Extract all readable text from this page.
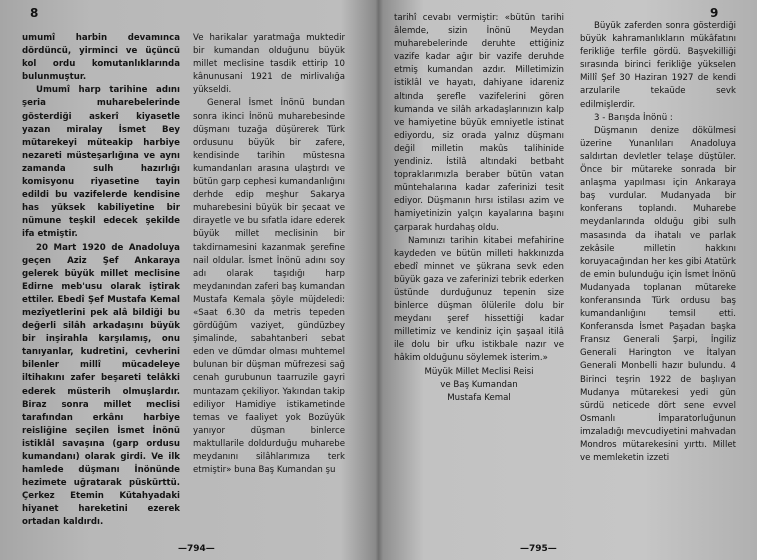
8

umumî harbin devamınca dördüncü, yirminci ve üçüncü kol ordu komutanlıklarında bulunmuştur.

Umumî harp tarihine adını şeria muharebelerinde gösterdiği askerî kiyasetle yazan miralay İsmet Bey mütarekeyi müteakip harbiye nezareti müsteşarlığına ve aynı zamanda sulh hazırlığı komisyonu riyasetine tayin edildi bu vazifelerde kendisine has yüksek kabiliyetine bir nümune teşkil edecek şekilde ifa etmiştir.

20 Mart 1920 de Anadoluya geçen Aziz Şef Ankaraya gelerek büyük millet meclisine Edirne meb'usu olarak iştirak ettiler. Ebedî Şef Mustafa Kemal mezîyetlerini pek alâ bildiği bu değerli silâh arkadaşını büyük bir inşirahla karşılamış, onu tanıyanlar, kudretini, cevherini bilenler millî mücadeleye iltihakını zafer beşareti telâkki ederek müsterih olmuşlardır. Biraz sonra millet meclisi tarafından erkânı harbiye reisliğine seçilen İsmet İnönü istiklâl savaşına (garp ordusu kumandanı) olarak girdi. Ve ilk hamlede düşmanı İnönünde hezimete uğratarak püskürttü. Çerkez Etemin Kütahyadaki hiyanet hareketini ezerek ortadan kaldırdı.

Ve harikalar yaratmağa muktedir bir kumandan olduğunu büyük millet meclisine tasdik ettirip 10 kânunusani 1921 de mirlivalığa yükseldi.

General İsmet İnönü bundan sonra ikinci İnönü muharebesinde düşmanı tuzağa düşürerek Türk ordusunu büyük bir zafere, kendisinde tarihin müstesna kumandanları arasına ulaştırdı ve bütün garp cephesi kumandanlığını derhde edip meşhur Sakarya muharebesini büyük bir şecaat ve dirayetle ve bu sıfatla idare ederek büyük millet meclisinin bir takdirnamesini kazanmak şerefine nail oldular. İsmet İnönü adını soy adı olarak taşıdığı harp meydanından zaferi baş kumandan Mustafa Kemala şöyle müjdeledi: «Saat 6.30 da metris tepeden gördüğüm vaziyet, gündüzbey şimalinde, sabahtanberi sebat eden ve dümdar olması muhtemel bulunan bir düşman müfrezesi sağ cenah gurubunun taarruzile gayri muntazam çekiliyor. Yakından takip ediliyor Hamidiye istikametinde temas ve faaliyet yok Bozüyük yanıyor düşman binlerce maktullarile doldurduğu muharebe meydanını silâhlarımıza terk etmiştir» buna Baş Kumandan şu

—794—
9

tarihî cevabı vermiştir: «bütün tarihi âlemde, sizin İnönü Meydan muharebelerinde deruhte ettiğiniz vazife kadar ağır bir vazife deruhde etmiş kumandan azdır. Milletimizin istiklâl ve hayatı, dahiyane idareniz altında şerefle vazifelerini gören kumanda ve silâh arkadaşlarınızın kalp ve hamiyetine büyük emniyetle istinat ediyordu, siz orada yalnız düşmanı değil milletin makûs talihinide yendiniz. İstilâ altındaki betbaht topraklarımızla beraber bütün vatan müntehalarına kadar zaferinizi tesit ediyor. Düşmanın hırsı istilası azim ve hamiyetinizin yalçın kayalarına başını çarparak hurdahaş oldu.

Namınızı tarihin kitabei mefahirine kaydeden ve bütün milleti hakkınızda ebedî minnet ve şükrana sevk eden büyük gaza ve zaferinizi tebrik ederken üstünde durduğunuz tepenin size binlerce düşman ölülerile dolu bir meydanı şeref hissettiği kadar milletimiz ve kendiniz için şaşaal itilâ ile dolu bir ufku istikbale nazır ve hâkim olduğunu söylemek isterim.»

Müyük Millet Meclisi Reisi

ve Baş Kumandan

Mustafa Kemal

Büyük zaferden sonra gösterdiği büyük kahramanlıkların mükâfatını ferikliğe terfile gördü. Başvekilliği sırasında birinci ferikliğe yükselen Millî Şef 30 Haziran 1927 de kendi arzularile tekaüde sevk edilmişlerdir.

3 - Barışda İnönü :

Düşmanın denize dökülmesi üzerine Yunanlıları Anadoluya saldırtan devletler telaşe düştüler. Önce bir mütareke sonrada bir anlaşma yapılması için Ankaraya baş vurdular. Mudanyada bir konferans toplandı. Muharebe meydanlarında olduğu gibi sulh masasında da ihatalı ve parlak zekâsile milletin hakkını koruyacağından her kes gibi Atatürk de emin bulunduğu için İsmet İnönü Mudanyada toplanan mütareke konferansında Türk ordusu baş kumandanlığını temsil etti. Konferansda İsmet Paşadan başka Fransız Generali Şarpi, İngiliz Generali Harington ve İtalyan Generali Monbelli hazır bulundu. 4 Birinci teşrin 1922 de başlıyan Mudanya mütarekesi yedi gün sürdü neticede dört sene evvel Osmanlı İmparatorluğunun imzaladığı mevcudiyetini mahvadan Mondros mütarekesini yırttı. Millet ve memleketin izzeti

—795—
